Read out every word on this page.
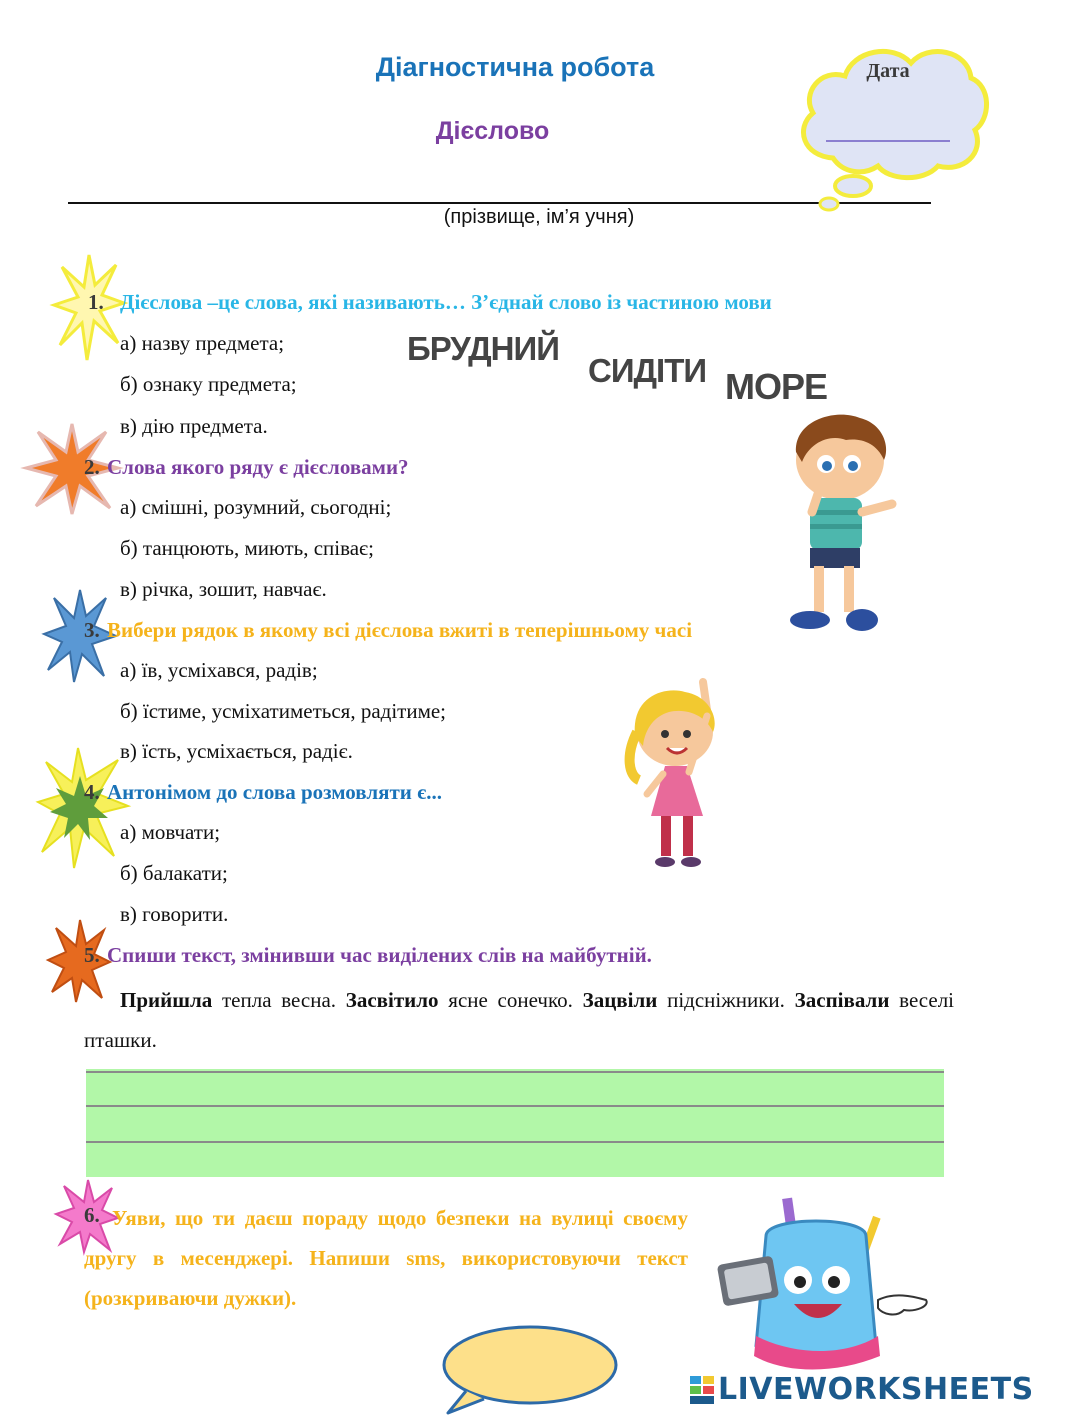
Діагностична робота
Дієслово
(прізвище, ім’я учня)
Дата
1. Дієслова –це слова, які називають… З’єднай слово із частиною мови
а) назву предмета;
б) ознаку предмета;
в) дію предмета.
БРУДНИЙ
СИДІТИ МОРЕ
2. Слова якого ряду є дієсловами?
а) смішні, розумний, сьогодні;
б) танцюють, миють, співає;
в) річка, зошит, навчає.
3. Вибери рядок в якому всі дієслова вжиті в теперішньому часі
а) їв, усміхався, радів;
б) їстиме, усміхатиметься, радітиме;
в) їсть, усміхається, радіє.
4. Антонімом до слова розмовляти є...
а) мовчати;
б) балакати;
в) говорити.
5. Спиши текст, змінивши час виділених слів на майбутній.
Прийшла тепла весна. Засвітило ясне сонечко. Зацвіли підсніжники. Заспівали веселі пташки.
6. Уяви, що ти даєш пораду щодо безпеки на вулиці своєму другу в месенджері. Напиши sms, використовуючи текст (розкриваючи дужки).
LIVEWORKSHEETS
